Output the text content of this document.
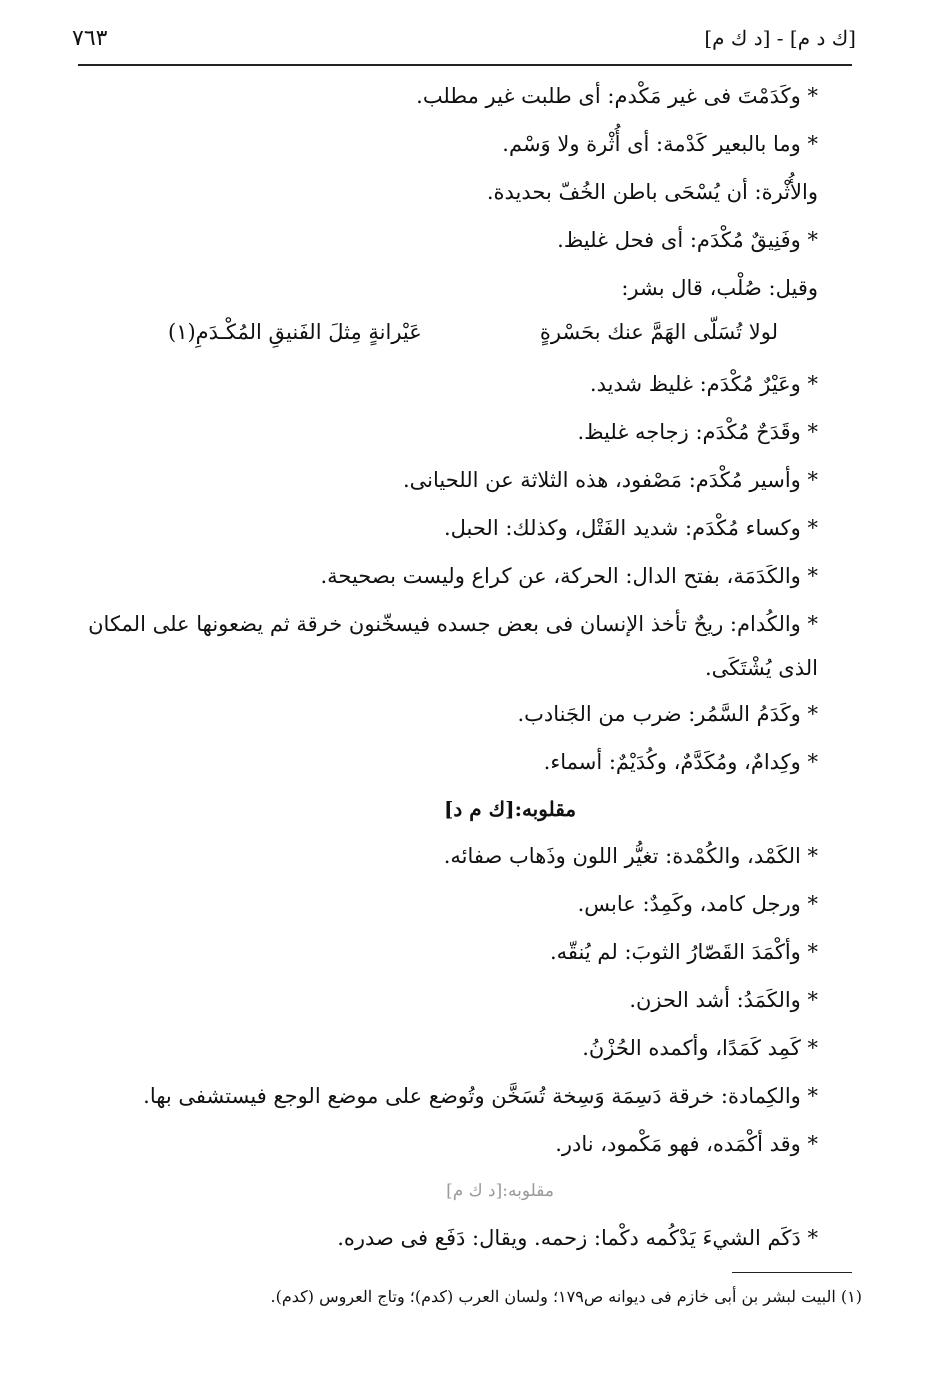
٧٦٣	[ك د م] - [د ك م]
* وكَدَمْتَ فى غير مَكْدم: أى طلبت غير مطلب.
* وما بالبعير كَدْمة: أى أُثْرة ولا وَسْم.
والأُثْرة: أن يُسْحَى باطن الخُفّ بحديدة.
* وفَنِيقٌ مُكْدَم: أى فحل غليظ.
وقيل: صُلْب، قال بشر:
لولا تُسَلّى الهَمَّ عنك بحَسْرةٍ
عَيْرانةٍ مِثلَ الفَنيقِ المُكْـدَمِ(١)
* وعَيْرٌ مُكْدَم: غليظ شديد.
* وقَدَحٌ مُكْدَم: زجاجه غليظ.
* وأسير مُكْدَم: مَصْفود، هذه الثلاثة عن اللحيانى.
* وكساء مُكْدَم: شديد الفَتْل، وكذلك: الحبل.
* والكَدَمَة، بفتح الدال: الحركة، عن كراع وليست بصحيحة.
* والكُدام: ريحٌ تأخذ الإنسان فى بعض جسده فيسخّنون خرقة ثم يضعونها على المكان الذى يُشْتَكَى.
* وكَدَمُ السَّمُر: ضرب من الجَنادب.
* وكِدامٌ، ومُكَدَّمٌ، وكُدَيْمٌ: أسماء.
مقلوبه:[ك م د]
* الكَمْد، والكُمْدة: تغيُّر اللون وذَهاب صفائه.
* ورجل كامد، وكَمِدٌ: عابس.
* وأكْمَدَ القَصّارُ الثوبَ: لم يُنقّه.
* والكَمَدُ: أشد الحزن.
* كَمِد كَمَدًا، وأكمده الحُزْنُ.
* والكِمادة: خرقة دَسِمَة وَسِخة تُسَخَّن وتُوضع على موضع الوجع فيستشفى بها.
* وقد أكْمَده، فهو مَكْمود، نادر.
مقلوبه:[د ك م]
* دَكَم الشيءَ يَدْكُمه دكْما: زحمه. ويقال: دَفَع فى صدره.
(١) البيت لبشر بن أبى خازم فى ديوانه ص١٧٩؛ ولسان العرب (كدم)؛ وتاج العروس (كدم).
